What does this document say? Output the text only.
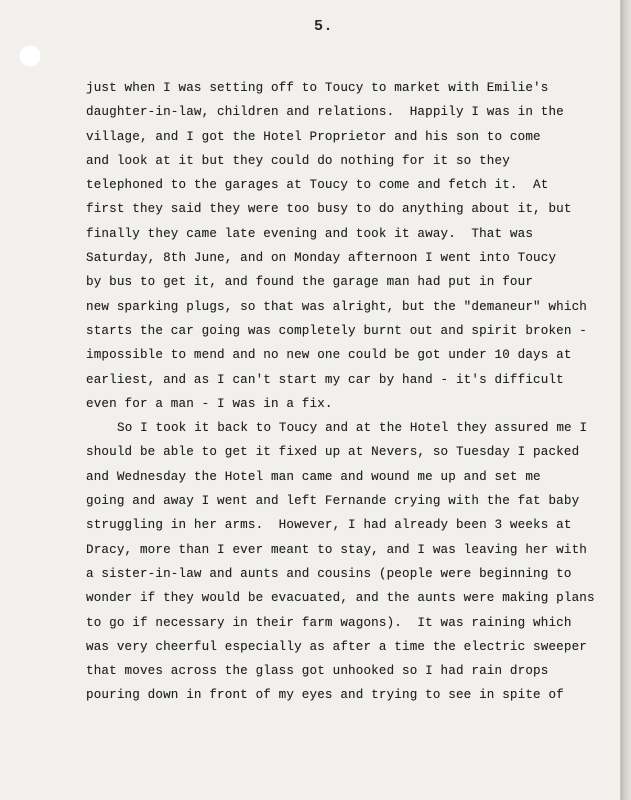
5.
just when I was setting off to Toucy to market with Emilie's
daughter-in-law, children and relations.  Happily I was in the
village, and I got the Hotel Proprietor and his son to come
and look at it but they could do nothing for it so they
telephoned to the garages at Toucy to come and fetch it.  At
first they said they were too busy to do anything about it, but
finally they came late evening and took it away.  That was
Saturday, 8th June, and on Monday afternoon I went into Toucy
by bus to get it, and found the garage man had put in four
new sparking plugs, so that was alright, but the "demaneur" which
starts the car going was completely burnt out and spirit broken -
impossible to mend and no new one could be got under 10 days at
earliest, and as I can't start my car by hand - it's difficult
even for a man - I was in a fix.
So I took it back to Toucy and at the Hotel they assured me I
should be able to get it fixed up at Nevers, so Tuesday I packed
and Wednesday the Hotel man came and wound me up and set me
going and away I went and left Fernande crying with the fat baby
struggling in her arms.  However, I had already been 3 weeks at
Dracy, more than I ever meant to stay, and I was leaving her with
a sister-in-law and aunts and cousins (people were beginning to
wonder if they would be evacuated, and the aunts were making plans
to go if necessary in their farm wagons).  It was raining which
was very cheerful especially as after a time the electric sweeper
that moves across the glass got unhooked so I had rain drops
pouring down in front of my eyes and trying to see in spite of
